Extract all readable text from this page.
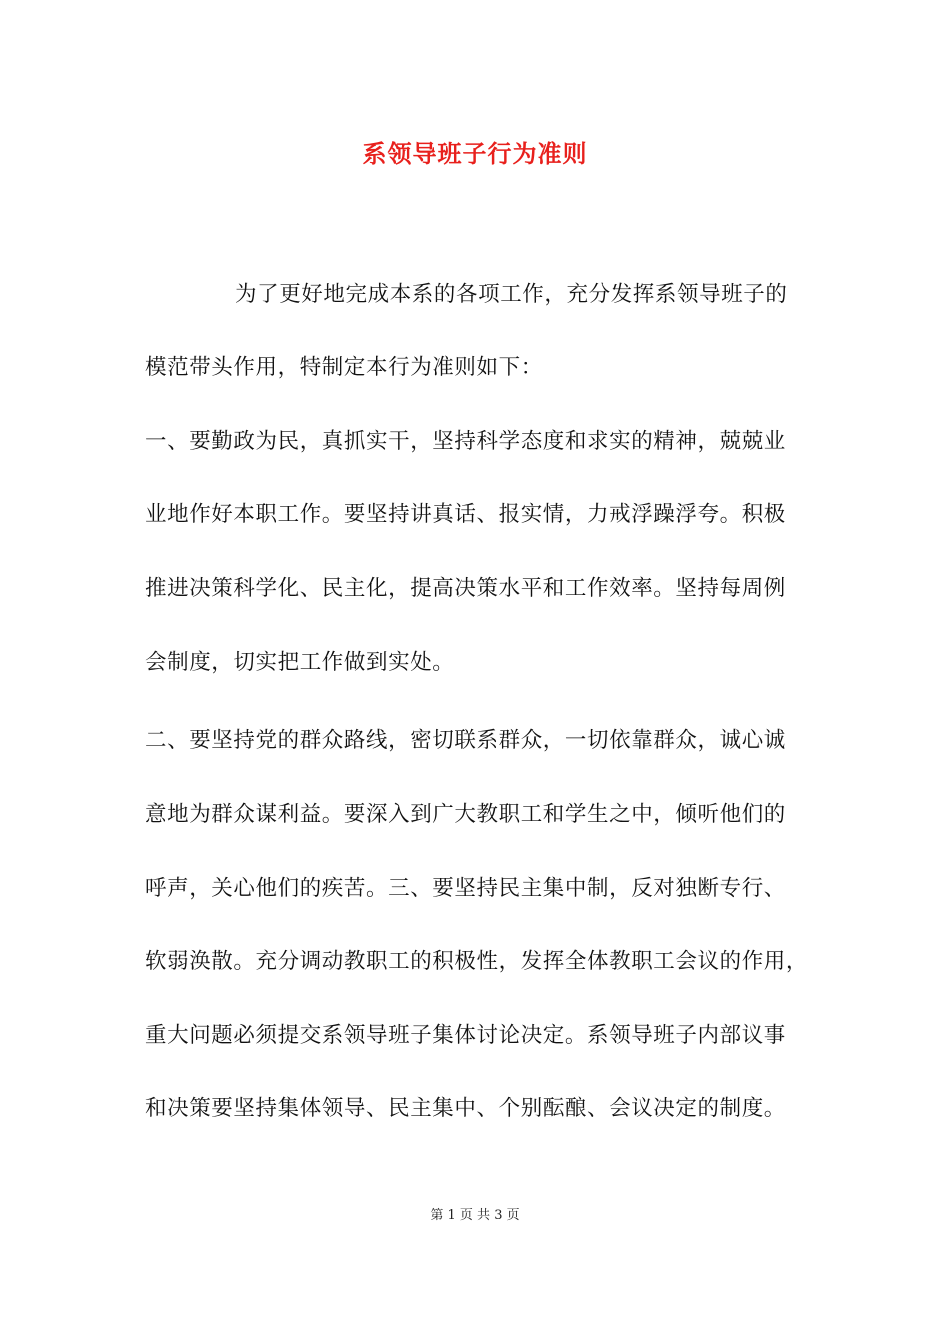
系领导班子行为准则
为了更好地完成本系的各项工作，充分发挥系领导班子的
模范带头作用，特制定本行为准则如下：
一、要勤政为民，真抓实干，坚持科学态度和求实的精神，兢兢业
业地作好本职工作。要坚持讲真话、报实情，力戒浮躁浮夸。积极
推进决策科学化、民主化，提高决策水平和工作效率。坚持每周例
会制度，切实把工作做到实处。
二、要坚持党的群众路线，密切联系群众，一切依靠群众，诚心诚
意地为群众谋利益。要深入到广大教职工和学生之中，倾听他们的
呼声，关心他们的疾苦。三、要坚持民主集中制，反对独断专行、
软弱涣散。充分调动教职工的积极性，发挥全体教职工会议的作用，
重大问题必须提交系领导班子集体讨论决定。系领导班子内部议事
和决策要坚持集体领导、民主集中、个别酝酿、会议决定的制度。
第 1 页 共 3 页
